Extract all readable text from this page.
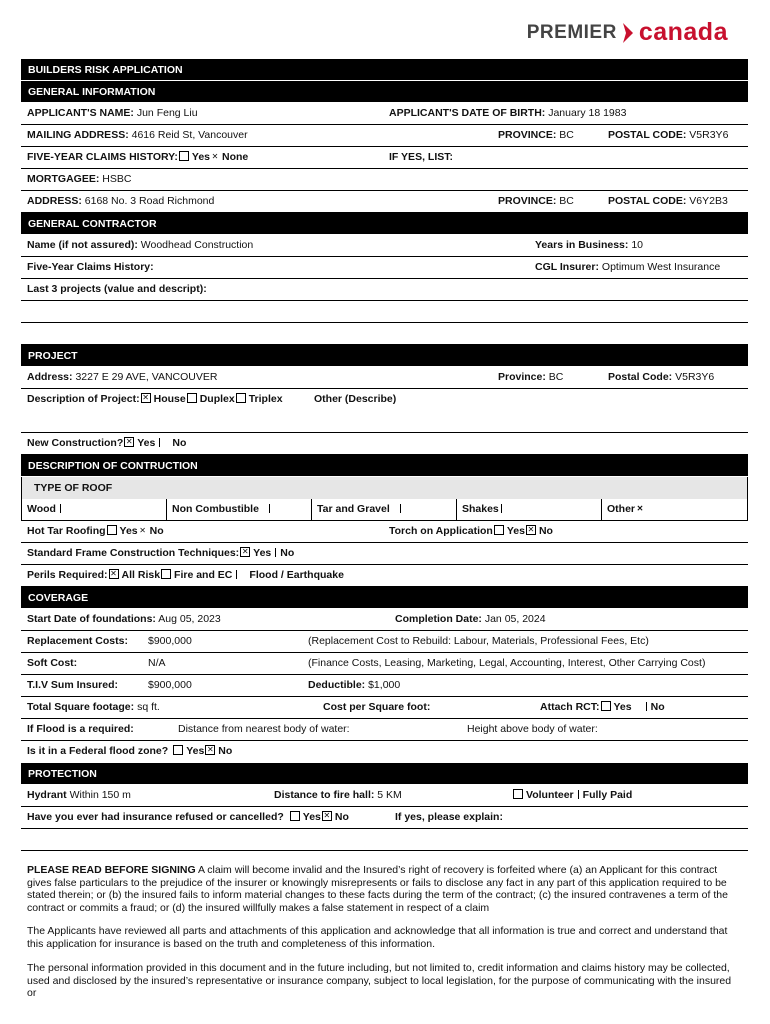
PREMIER canada
BUILDERS RISK APPLICATION
GENERAL INFORMATION
APPLICANT'S NAME: Jun Feng Liu	APPLICANT'S DATE OF BIRTH: January 18 1983
MAILING ADDRESS: 4616 Reid St, Vancouver	PROVINCE: BC	POSTAL CODE: V5R3Y6
FIVE-YEAR CLAIMS HISTORY: Yes ✕ None	IF YES, LIST:
MORTGAGEE: HSBC
ADDRESS: 6168 No. 3 Road Richmond	PROVINCE: BC	POSTAL CODE: V6Y2B3
GENERAL CONTRACTOR
Name (if not assured): Woodhead Construction	Years in Business: 10
Five-Year Claims History:	CGL Insurer: Optimum West Insurance
Last 3 projects (value and descript):
PROJECT
Address: 3227 E 29 AVE, VANCOUVER	Province: BC	Postal Code: V5R3Y6
Description of Project: ✕ House Duplex Triplex	Other (Describe)
New Construction? ✕ Yes No
DESCRIPTION OF CONTRUCTION
TYPE OF ROOF
Wood	Non Combustible	Tar and Gravel	Shakes	Other✕
Hot Tar Roofing Yes ✕ No	Torch on Application Yes ✕ No
Standard Frame Construction Techniques: ✕ Yes No
Perils Required: ✕ All Risk Fire and EC Flood / Earthquake
COVERAGE
Start Date of foundations: Aug 05, 2023	Completion Date: Jan 05, 2024
Replacement Costs: $900,000	(Replacement Cost to Rebuild: Labour, Materials, Professional Fees, Etc)
Soft Cost:	N/A	(Finance Costs, Leasing, Marketing, Legal, Accounting, Interest, Other Carrying Cost)
T.I.V Sum Insured:	$900,000	Deductible: $1,000
Total Square footage: sq ft.	Cost per Square foot:	Attach RCT: Yes No
If Flood is a required:	Distance from nearest body of water:	Height above body of water:
Is it in a Federal flood zone? Yes ✕ No
PROTECTION
Hydrant Within 150 m	Distance to fire hall: 5 KM	Volunteer Fully Paid
Have you ever had insurance refused or cancelled? Yes ✕ No	If yes, please explain:
PLEASE READ BEFORE SIGNING A claim will become invalid and the Insured’s right of recovery is forfeited where (a) an Applicant for this contract gives false particulars to the prejudice of the insurer or knowingly misrepresents or fails to disclose any fact in any part of this application required to be stated therein; or (b) the insured fails to inform material changes to these facts during the term of the contract; (c) the insured contravenes a term of the contract or commits a fraud; or (d) the insured willfully makes a false statement in respect of a claim
The Applicants have reviewed all parts and attachments of this application and acknowledge that all information is true and correct and understand that this application for insurance is based on the truth and completeness of this information.
The personal information provided in this document and in the future including, but not limited to, credit information and claims history may be collected, used and disclosed by the insured’s representative or insurance company, subject to local legislation, for the purpose of communicating with the insured or
